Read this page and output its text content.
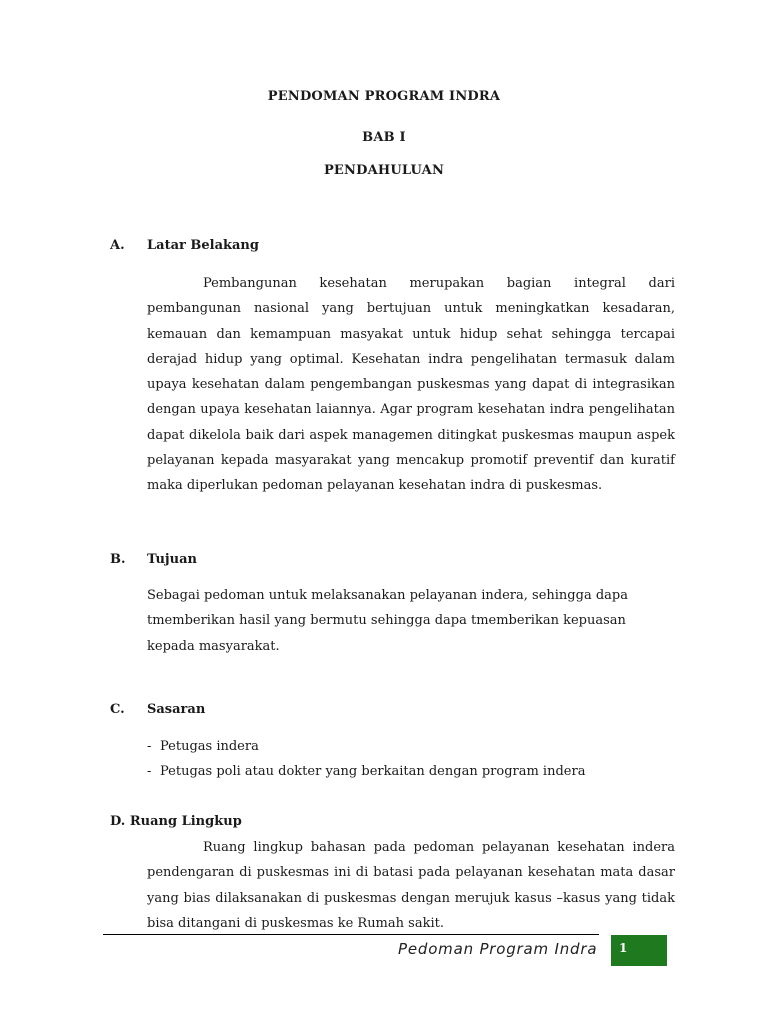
PENDOMAN PROGRAM INDRA
BAB I
PENDAHULUAN
A. Latar Belakang

Pembangunan kesehatan merupakan bagian integral dari pembangunan nasional yang bertujuan untuk meningkatkan kesadaran, kemauan dan kemampuan masyakat untuk hidup sehat sehingga tercapai derajad hidup yang optimal. Kesehatan indra pengelihatan termasuk dalam upaya kesehatan dalam pengembangan puskesmas yang dapat di integrasikan dengan upaya kesehatan laiannya. Agar program kesehatan indra pengelihatan dapat dikelola baik dari aspek managemen ditingkat puskesmas maupun aspek pelayanan kepada masyarakat yang mencakup promotif preventif dan kuratif maka diperlukan pedoman pelayanan kesehatan indra di puskesmas.

B. Tujuan

Sebagai pedoman untuk melaksanakan pelayanan indera, sehingga dapa tmemberikan hasil yang bermutu sehingga dapa tmemberikan kepuasan kepada masyarakat.

C. Sasaran
- Petugas indera
- Petugas poli atau dokter yang berkaitan dengan program indera
D. Ruang Lingkup

Ruang lingkup bahasan pada pedoman pelayanan kesehatan indera pendengaran di puskesmas ini di batasi pada pelayanan kesehatan mata dasar yang bias dilaksanakan di puskesmas dengan merujuk kasus –kasus yang tidak bisa ditangani di puskesmas ke Rumah sakit.

Pedoman Program Indra 1
